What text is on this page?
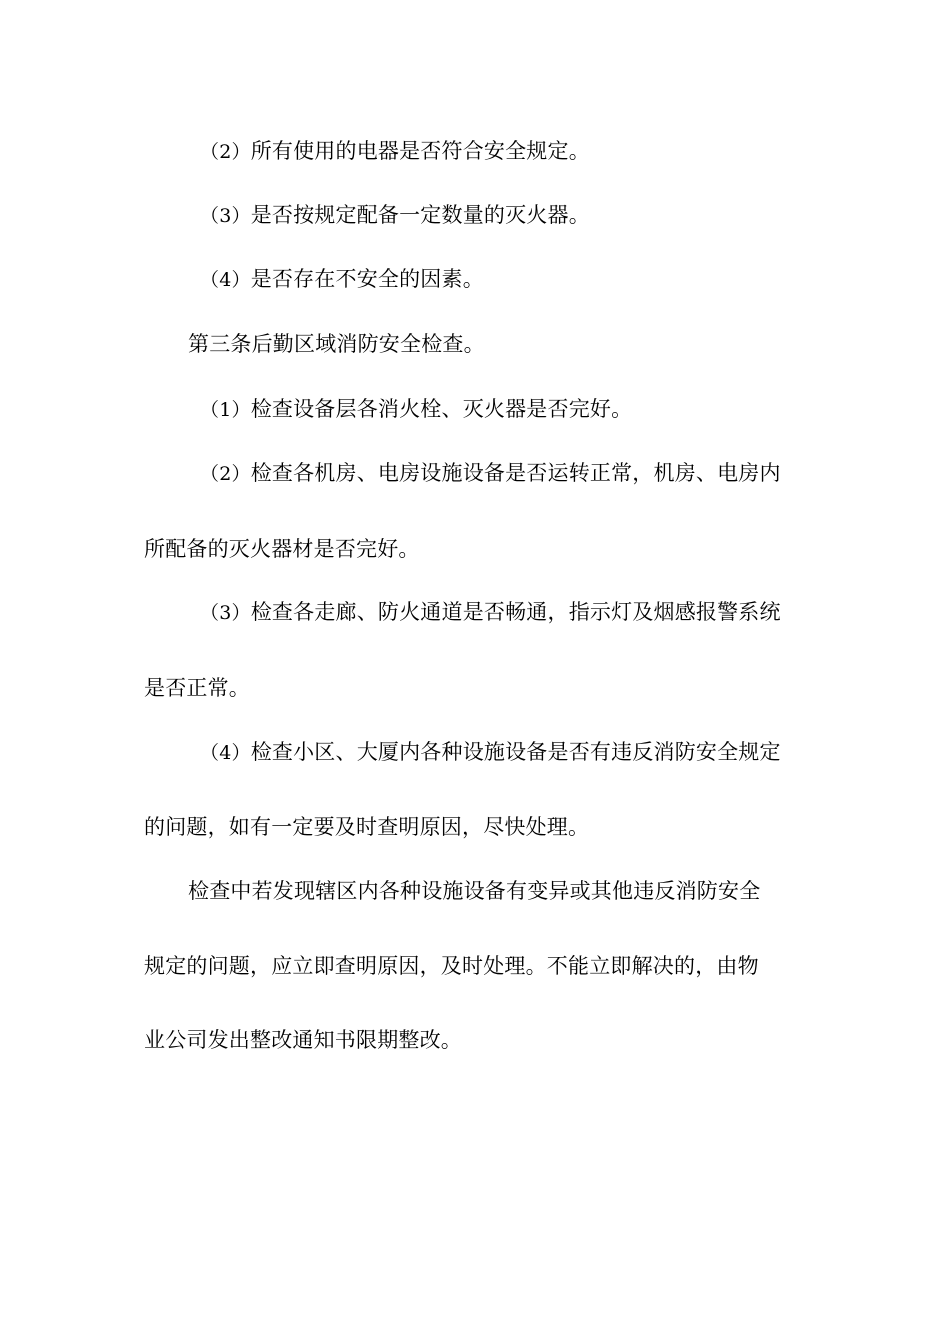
（2）所有使用的电器是否符合安全规定。

（3）是否按规定配备一定数量的灭火器。

（4）是否存在不安全的因素。

第三条后勤区域消防安全检查。

（1）检查设备层各消火栓、灭火器是否完好。

（2）检查各机房、电房设施设备是否运转正常，机房、电房内

所配备的灭火器材是否完好。

（3）检查各走廊、防火通道是否畅通，指示灯及烟感报警系统

是否正常。

（4）检查小区、大厦内各种设施设备是否有违反消防安全规定

的问题，如有一定要及时查明原因，尽快处理。

检查中若发现辖区内各种设施设备有变异或其他违反消防安全

规定的问题，应立即查明原因，及时处理。不能立即解决的，由物

业公司发出整改通知书限期整改。
